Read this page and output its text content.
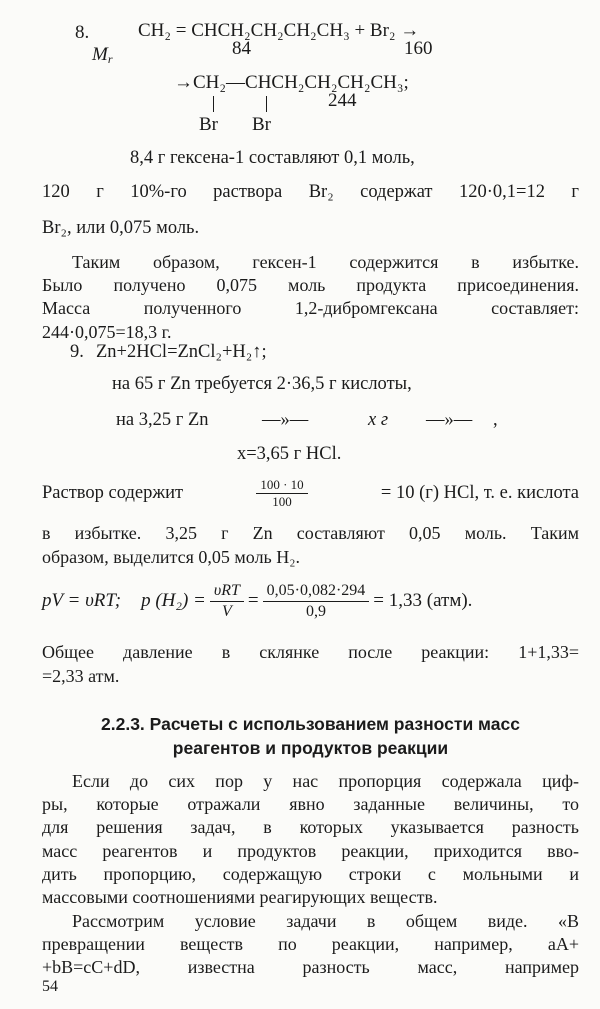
8.
$M_r$
CH₂ = CHCH₂CH₂CH₂CH₃ + Br₂ →
84	160
→CH₂—CHCH₂CH₂CH₂CH₃;
244
Br Br
8,4 г гексена-1 составляют 0,1 моль,
120 г 10%-го раствора Br₂ содержат 120·0,1=12 г
Br₂, или 0,075 моль.
Таким образом, гексен-1 содержится в избытке.
Было получено 0,075 моль продукта присоединения.
Масса полученного 1,2-дибромгексана составляет:
244·0,075=18,3 г.
9. Zn+2HCl=ZnCl₂+H₂↑;
на 65 г Zn требуется 2·36,5 г кислоты,
на 3,25 г Zn	—»—	x г —»— ,
x=3,65 г HCl.
Раствор содержит	$\frac{100 \cdot 10}{100}$	= 10 (г) HCl, т. е. кислота
в избытке. 3,25 г Zn составляют 0,05 моль. Таким
образом, выделится 0,05 моль H₂.
pV = υRT; p $(H_2) = \frac{\text{υRT}}{V} = \frac{0,05\cdot 0,082\cdot 294}{0,9} = 1,33$ (атм).
Общее давление в склянке после реакции: 1+1,33=
=2,33 атм.
2.2.3. Расчеты с использованием разности масс
реагентов и продуктов реакции
Если до сих пор у нас пропорция содержала циф-
ры, которые отражали явно заданные величины, то
для решения задач, в которых указывается разность
масс реагентов и продуктов реакции, приходится вво-
дить пропорцию, содержащую строки с мольными и
массовыми соотношениями реагирующих веществ.
Рассмотрим условие задачи в общем виде. «В
превращении веществ по реакции, например, aA+
+bB=cC+dD, известна разность масс, например
54
